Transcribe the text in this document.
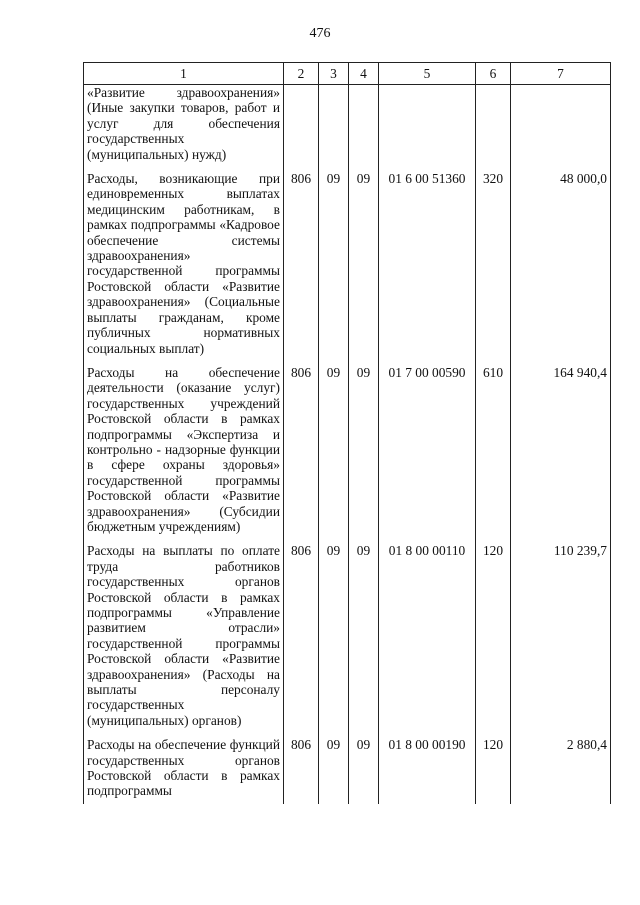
476
1	2	3	4	5	6	7
«Развитие здравоохранения» (Иные закупки товаров, работ и услуг для обеспечения государственных (муниципальных) нужд)						
Расходы, возникающие при единовременных выплатах медицинским работникам, в рамках подпрограммы «Кадровое обеспечение системы здравоохранения» государственной программы Ростовской области «Развитие здравоохранения» (Социальные выплаты гражданам, кроме публичных нормативных социальных выплат)	806	09	09	01 6 00 51360	320	48 000,0
Расходы на обеспечение деятельности (оказание услуг) государственных учреждений Ростовской области в рамках подпрограммы «Экспертиза и контрольно - надзорные функции в сфере охраны здоровья» государственной программы Ростовской области «Развитие здравоохранения» (Субсидии бюджетным учреждениям)	806	09	09	01 7 00 00590	610	164 940,4
Расходы на выплаты по оплате труда работников государственных органов Ростовской области в рамках подпрограммы «Управление развитием отрасли» государственной программы Ростовской области «Развитие здравоохранения» (Расходы на выплаты персоналу государственных (муниципальных) органов)	806	09	09	01 8 00 00110	120	110 239,7
Расходы на обеспечение функций государственных органов Ростовской области в рамках подпрограммы	806	09	09	01 8 00 00190	120	2 880,4
